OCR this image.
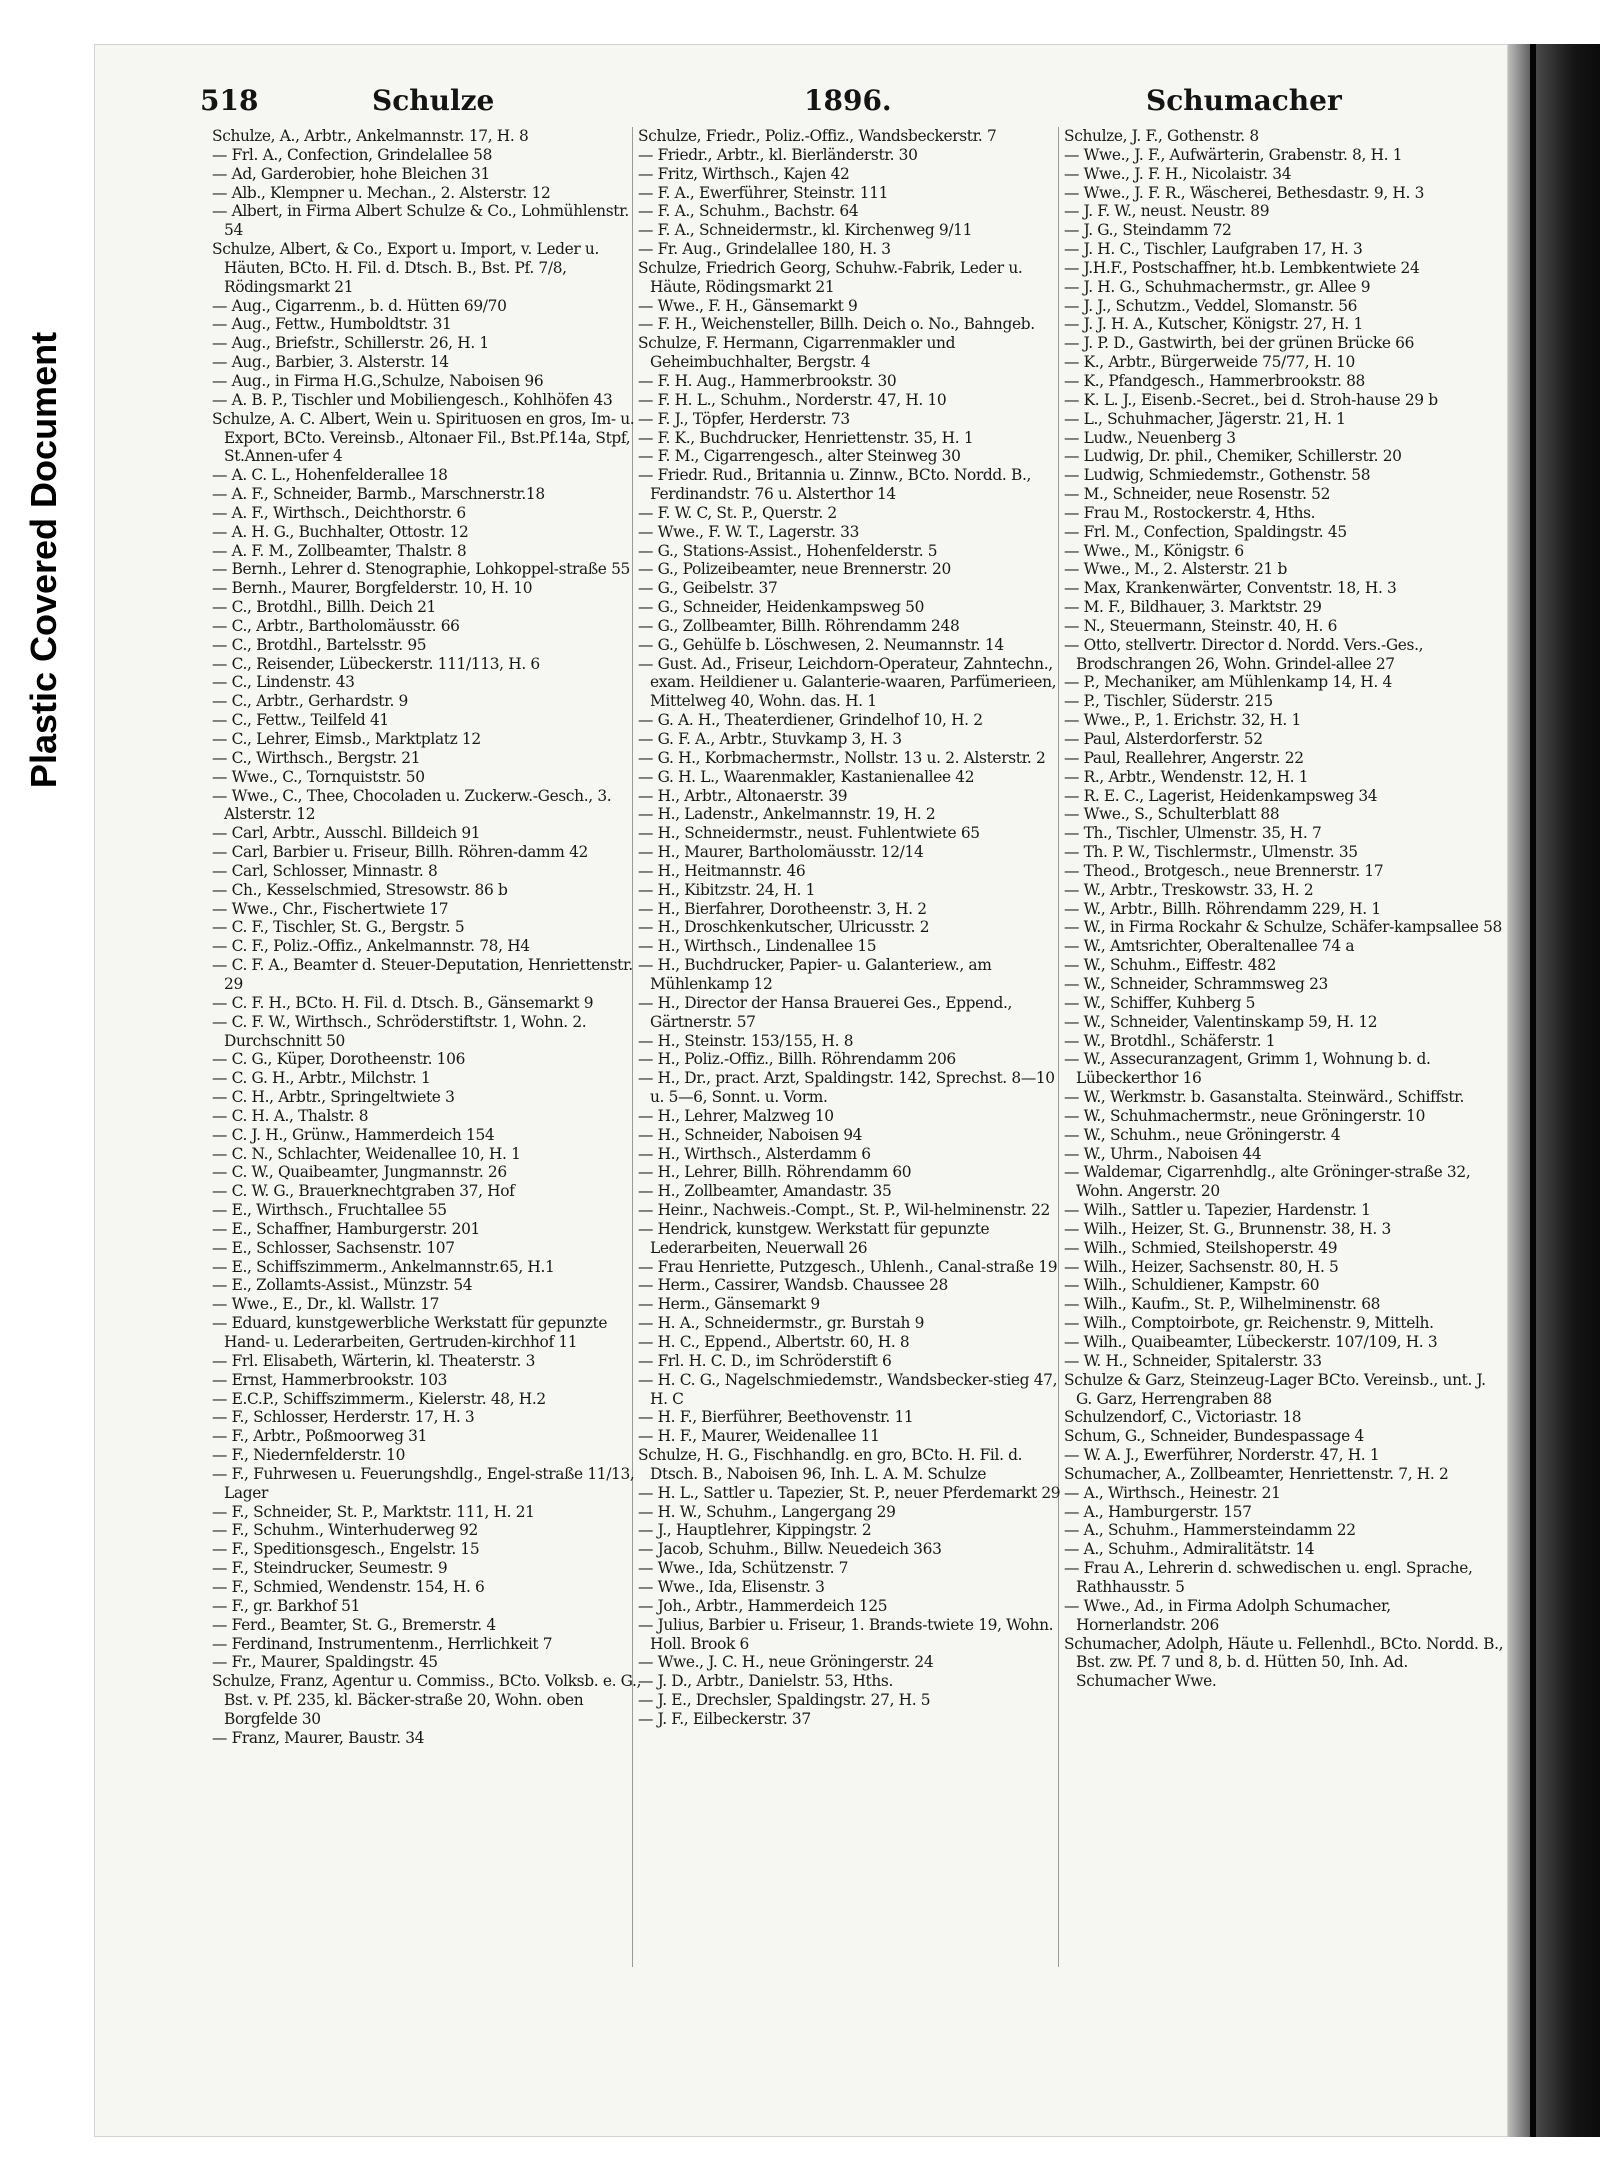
Plastic Covered Document
518	Schulze	1896.	Schumacher
Schulze, A., Arbtr., Ankelmannstr. 17, H. 8
— Frl. A., Confection, Grindelallee 58
— Ad, Garderobier, hohe Bleichen 31
— Alb., Klempner u. Mechan., 2. Alsterstr. 12
— Albert, in Firma Albert Schulze & Co., Lohmühlenstr. 54
Schulze, Albert, & Co., Export u. Import, v. Leder u. Häuten, BCto. H. Fil. d. Dtsch. B., Bst. Pf. 7/8, Rödingsmarkt 21
— Aug., Cigarrenm., b. d. Hütten 69/70
— Aug., Fettw., Humboldtstr. 31
— Aug., Briefstr., Schillerstr. 26, H. 1
— Aug., Barbier, 3. Alsterstr. 14
— Aug., in Firma H.G.,Schulze, Naboisen 96
— A. B. P., Tischler und Mobiliengesch., Kohlhöfen 43
Schulze, A. C. Albert, Wein u. Spirituosen en gros, Im- u. Export, BCto. Vereinsb., Altonaer Fil., Bst.Pf.14a, Stpf, St.Annen-ufer 4
— A. C. L., Hohenfelderallee 18
— A. F., Schneider, Barmb., Marschnerstr.18
— A. F., Wirthsch., Deichthorstr. 6
— A. H. G., Buchhalter, Ottostr. 12
— A. F. M., Zollbeamter, Thalstr. 8
— Bernh., Lehrer d. Stenographie, Lohkoppel-straße 55
— Bernh., Maurer, Borgfelderstr. 10, H. 10
— C., Brotdhl., Billh. Deich 21
— C., Arbtr., Bartholomäusstr. 66
— C., Brotdhl., Bartelsstr. 95
— C., Reisender, Lübeckerstr. 111/113, H. 6
— C., Lindenstr. 43
— C., Arbtr., Gerhardstr. 9
— C., Fettw., Teilfeld 41
— C., Lehrer, Eimsb., Marktplatz 12
— C., Wirthsch., Bergstr. 21
— Wwe., C., Tornquiststr. 50
— Wwe., C., Thee, Chocoladen u. Zuckerw.-Gesch., 3. Alsterstr. 12
— Carl, Arbtr., Ausschl. Billdeich 91
— Carl, Barbier u. Friseur, Billh. Röhren-damm 42
— Carl, Schlosser, Minnastr. 8
— Ch., Kesselschmied, Stresowstr. 86 b
— Wwe., Chr., Fischertwiete 17
— C. F., Tischler, St. G., Bergstr. 5
— C. F., Poliz.-Offiz., Ankelmannstr. 78, H4
— C. F. A., Beamter d. Steuer-Deputation, Henriettenstr. 29
— C. F. H., BCto. H. Fil. d. Dtsch. B., Gänsemarkt 9
— C. F. W., Wirthsch., Schröderstiftstr. 1, Wohn. 2. Durchschnitt 50
— C. G., Küper, Dorotheenstr. 106
— C. G. H., Arbtr., Milchstr. 1
— C. H., Arbtr., Springeltwiete 3
— C. H. A., Thalstr. 8
— C. J. H., Grünw., Hammerdeich 154
— C. N., Schlachter, Weidenallee 10, H. 1
— C. W., Quaibeamter, Jungmannstr. 26
— C. W. G., Brauerknechtgraben 37, Hof
— E., Wirthsch., Fruchtallee 55
— E., Schaffner, Hamburgerstr. 201
— E., Schlosser, Sachsenstr. 107
— E., Schiffszimmerm., Ankelmannstr.65, H.1
— E., Zollamts-Assist., Münzstr. 54
— Wwe., E., Dr., kl. Wallstr. 17
— Eduard, kunstgewerbliche Werkstatt für gepunzte Hand- u. Lederarbeiten, Gertruden-kirchhof 11
— Frl. Elisabeth, Wärterin, kl. Theaterstr. 3
— Ernst, Hammerbrookstr. 103
— E.C.P., Schiffszimmerm., Kielerstr. 48, H.2
— F., Schlosser, Herderstr. 17, H. 3
— F., Arbtr., Poßmoorweg 31
— F., Niedernfelderstr. 10
— F., Fuhrwesen u. Feuerungshdlg., Engel-straße 11/13, Lager
— F., Schneider, St. P., Marktstr. 111, H. 21
— F., Schuhm., Winterhuderweg 92
— F., Speditionsgesch., Engelstr. 15
— F., Steindrucker, Seumestr. 9
— F., Schmied, Wendenstr. 154, H. 6
— F., gr. Barkhof 51
— Ferd., Beamter, St. G., Bremerstr. 4
— Ferdinand, Instrumentenm., Herrlichkeit 7
— Fr., Maurer, Spaldingstr. 45
Schulze, Franz, Agentur u. Commiss., BCto. Volksb. e. G., Bst. v. Pf. 235, kl. Bäcker-straße 20, Wohn. oben Borgfelde 30
— Franz, Maurer, Baustr. 34
Schulze, Friedr., Poliz.-Offiz., Wandsbeckerstr. 7
— Friedr., Arbtr., kl. Bierländerstr. 30
— Fritz, Wirthsch., Kajen 42
— F. A., Ewerführer, Steinstr. 111
— F. A., Schuhm., Bachstr. 64
— F. A., Schneidermstr., kl. Kirchenweg 9/11
— Fr. Aug., Grindelallee 180, H. 3
Schulze, Friedrich Georg, Schuhw.-Fabrik, Leder u. Häute, Rödingsmarkt 21
— Wwe., F. H., Gänsemarkt 9
— F. H., Weichensteller, Billh. Deich o. No., Bahngeb.
Schulze, F. Hermann, Cigarrenmakler und Geheimbuchhalter, Bergstr. 4
— F. H. Aug., Hammerbrookstr. 30
— F. H. L., Schuhm., Norderstr. 47, H. 10
— F. J., Töpfer, Herderstr. 73
— F. K., Buchdrucker, Henriettenstr. 35, H. 1
— F. M., Cigarrengesch., alter Steinweg 30
— Friedr. Rud., Britannia u. Zinnw., BCto. Nordd. B., Ferdinandstr. 76 u. Alsterthor 14
— F. W. C, St. P., Querstr. 2
— Wwe., F. W. T., Lagerstr. 33
— G., Stations-Assist., Hohenfelderstr. 5
— G., Polizeibeamter, neue Brennerstr. 20
— G., Geibelstr. 37
— G., Schneider, Heidenkampsweg 50
— G., Zollbeamter, Billh. Röhrendamm 248
— G., Gehülfe b. Löschwesen, 2. Neumannstr. 14
— Gust. Ad., Friseur, Leichdorn-Operateur, Zahntechn., exam. Heildiener u. Galanterie-waaren, Parfümerieen, Mittelweg 40, Wohn. das. H. 1
— G. A. H., Theaterdiener, Grindelhof 10, H. 2
— G. F. A., Arbtr., Stuvkamp 3, H. 3
— G. H., Korbmachermstr., Nollstr. 13 u. 2. Alsterstr. 2
— G. H. L., Waarenmakler, Kastanienallee 42
— H., Arbtr., Altonaerstr. 39
— H., Ladenstr., Ankelmannstr. 19, H. 2
— H., Schneidermstr., neust. Fuhlentwiete 65
— H., Maurer, Bartholomäusstr. 12/14
— H., Heitmannstr. 46
— H., Kibitzstr. 24, H. 1
— H., Bierfahrer, Dorotheenstr. 3, H. 2
— H., Droschkenkutscher, Ulricusstr. 2
— H., Wirthsch., Lindenallee 15
— H., Buchdrucker, Papier- u. Galanteriew., am Mühlenkamp 12
— H., Director der Hansa Brauerei Ges., Eppend., Gärtnerstr. 57
— H., Steinstr. 153/155, H. 8
— H., Poliz.-Offiz., Billh. Röhrendamm 206
— H., Dr., pract. Arzt, Spaldingstr. 142, Sprechst. 8—10 u. 5—6, Sonnt. u. Vorm.
— H., Lehrer, Malzweg 10
— H., Schneider, Naboisen 94
— H., Wirthsch., Alsterdamm 6
— H., Lehrer, Billh. Röhrendamm 60
— H., Zollbeamter, Amandastr. 35
— Heinr., Nachweis.-Compt., St. P., Wil-helminenstr. 22
— Hendrick, kunstgew. Werkstatt für gepunzte Lederarbeiten, Neuerwall 26
— Frau Henriette, Putzgesch., Uhlenh., Canal-straße 19
— Herm., Cassirer, Wandsb. Chaussee 28
— Herm., Gänsemarkt 9
— H. A., Schneidermstr., gr. Burstah 9
— H. C., Eppend., Albertstr. 60, H. 8
— Frl. H. C. D., im Schröderstift 6
— H. C. G., Nagelschmiedemstr., Wandsbecker-stieg 47, H. C
— H. F., Bierführer, Beethovenstr. 11
— H. F., Maurer, Weidenallee 11
Schulze, H. G., Fischhandlg. en gro, BCto. H. Fil. d. Dtsch. B., Naboisen 96, Inh. L. A. M. Schulze
— H. L., Sattler u. Tapezier, St. P., neuer Pferdemarkt 29
— H. W., Schuhm., Langergang 29
— J., Hauptlehrer, Kippingstr. 2
— Jacob, Schuhm., Billw. Neuedeich 363
— Wwe., Ida, Schützenstr. 7
— Wwe., Ida, Elisenstr. 3
— Joh., Arbtr., Hammerdeich 125
— Julius, Barbier u. Friseur, 1. Brands-twiete 19, Wohn. Holl. Brook 6
— Wwe., J. C. H., neue Gröningerstr. 24
— J. D., Arbtr., Danielstr. 53, Hths.
— J. E., Drechsler, Spaldingstr. 27, H. 5
— J. F., Eilbeckerstr. 37
Schulze, J. F., Gothenstr. 8
— Wwe., J. F., Aufwärterin, Grabenstr. 8, H. 1
— Wwe., J. F. H., Nicolaistr. 34
— Wwe., J. F. R., Wäscherei, Bethesdastr. 9, H. 3
— J. F. W., neust. Neustr. 89
— J. G., Steindamm 72
— J. H. C., Tischler, Laufgraben 17, H. 3
— J.H.F., Postschaffner, ht.b. Lembkentwiete 24
— J. H. G., Schuhmachermstr., gr. Allee 9
— J. J., Schutzm., Veddel, Slomanstr. 56
— J. J. H. A., Kutscher, Königstr. 27, H. 1
— J. P. D., Gastwirth, bei der grünen Brücke 66
— K., Arbtr., Bürgerweide 75/77, H. 10
— K., Pfandgesch., Hammerbrookstr. 88
— K. L. J., Eisenb.-Secret., bei d. Stroh-hause 29 b
— L., Schuhmacher, Jägerstr. 21, H. 1
— Ludw., Neuenberg 3
— Ludwig, Dr. phil., Chemiker, Schillerstr. 20
— Ludwig, Schmiedemstr., Gothenstr. 58
— M., Schneider, neue Rosenstr. 52
— Frau M., Rostockerstr. 4, Hths.
— Frl. M., Confection, Spaldingstr. 45
— Wwe., M., Königstr. 6
— Wwe., M., 2. Alsterstr. 21 b
— Max, Krankenwärter, Conventstr. 18, H. 3
— M. F., Bildhauer, 3. Marktstr. 29
— N., Steuermann, Steinstr. 40, H. 6
— Otto, stellvertr. Director d. Nordd. Vers.-Ges., Brodschrangen 26, Wohn. Grindel-allee 27
— P., Mechaniker, am Mühlenkamp 14, H. 4
— P., Tischler, Süderstr. 215
— Wwe., P., 1. Erichstr. 32, H. 1
— Paul, Alsterdorferstr. 52
— Paul, Reallehrer, Angerstr. 22
— R., Arbtr., Wendenstr. 12, H. 1
— R. E. C., Lagerist, Heidenkampsweg 34
— Wwe., S., Schulterblatt 88
— Th., Tischler, Ulmenstr. 35, H. 7
— Th. P. W., Tischlermstr., Ulmenstr. 35
— Theod., Brotgesch., neue Brennerstr. 17
— W., Arbtr., Treskowstr. 33, H. 2
— W., Arbtr., Billh. Röhrendamm 229, H. 1
— W., in Firma Rockahr & Schulze, Schäfer-kampsallee 58
— W., Amtsrichter, Oberaltenallee 74 a
— W., Schuhm., Eiffestr. 482
— W., Schneider, Schrammsweg 23
— W., Schiffer, Kuhberg 5
— W., Schneider, Valentinskamp 59, H. 12
— W., Brotdhl., Schäferstr. 1
— W., Assecuranzagent, Grimm 1, Wohnung b. d. Lübeckerthor 16
— W., Werkmstr. b. Gasanstalta. Steinwärd., Schiffstr.
— W., Schuhmachermstr., neue Gröningerstr. 10
— W., Schuhm., neue Gröningerstr. 4
— W., Uhrm., Naboisen 44
— Waldemar, Cigarrenhdlg., alte Gröninger-straße 32, Wohn. Angerstr. 20
— Wilh., Sattler u. Tapezier, Hardenstr. 1
— Wilh., Heizer, St. G., Brunnenstr. 38, H. 3
— Wilh., Schmied, Steilshoperstr. 49
— Wilh., Heizer, Sachsenstr. 80, H. 5
— Wilh., Schuldiener, Kampstr. 60
— Wilh., Kaufm., St. P., Wilhelminenstr. 68
— Wilh., Comptoirbote, gr. Reichenstr. 9, Mittelh.
— Wilh., Quaibeamter, Lübeckerstr. 107/109, H. 3
— W. H., Schneider, Spitalerstr. 33
Schulze & Garz, Steinzeug-Lager BCto. Vereinsb., unt. J. G. Garz, Herrengraben 88
Schulzendorf, C., Victoriastr. 18
Schum, G., Schneider, Bundespassage 4
— W. A. J., Ewerführer, Norderstr. 47, H. 1
Schumacher, A., Zollbeamter, Henriettenstr. 7, H. 2
— A., Wirthsch., Heinestr. 21
— A., Hamburgerstr. 157
— A., Schuhm., Hammersteindamm 22
— A., Schuhm., Admiralitätstr. 14
— Frau A., Lehrerin d. schwedischen u. engl. Sprache, Rathhausstr. 5
— Wwe., Ad., in Firma Adolph Schumacher, Hornerlandstr. 206
Schumacher, Adolph, Häute u. Fellenhdl., BCto. Nordd. B., Bst. zw. Pf. 7 und 8, b. d. Hütten 50, Inh. Ad. Schumacher Wwe.
